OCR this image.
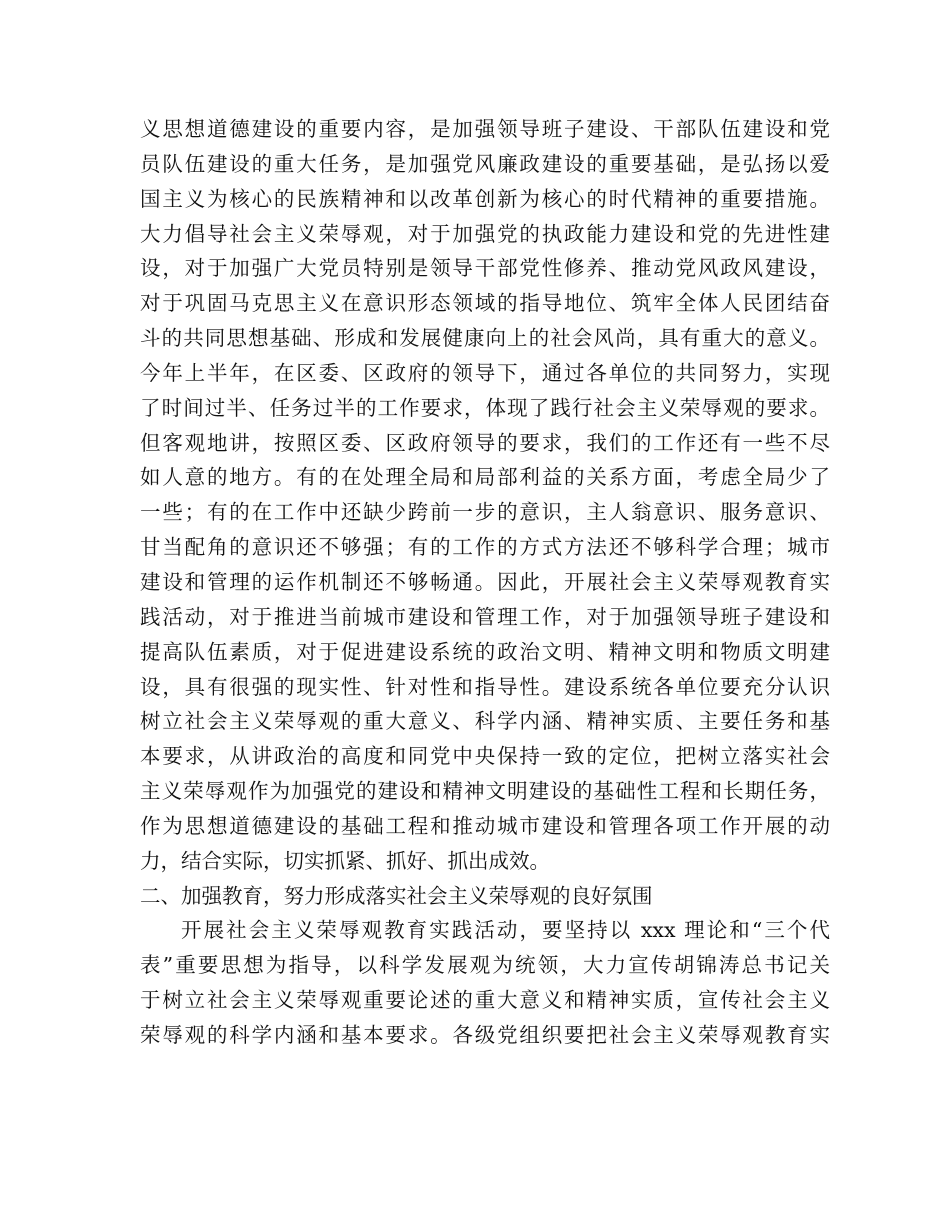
义思想道德建设的重要内容，是加强领导班子建设、干部队伍建设和党
员队伍建设的重大任务，是加强党风廉政建设的重要基础，是弘扬以爱
国主义为核心的民族精神和以改革创新为核心的时代精神的重要措施。
大力倡导社会主义荣辱观，对于加强党的执政能力建设和党的先进性建
设，对于加强广大党员特别是领导干部党性修养、推动党风政风建设，
对于巩固马克思主义在意识形态领域的指导地位、筑牢全体人民团结奋
斗的共同思想基础、形成和发展健康向上的社会风尚，具有重大的意义。
今年上半年，在区委、区政府的领导下，通过各单位的共同努力，实现
了时间过半、任务过半的工作要求，体现了践行社会主义荣辱观的要求。
但客观地讲，按照区委、区政府领导的要求，我们的工作还有一些不尽
如人意的地方。有的在处理全局和局部利益的关系方面，考虑全局少了
一些；有的在工作中还缺少跨前一步的意识，主人翁意识、服务意识、
甘当配角的意识还不够强；有的工作的方式方法还不够科学合理；城市
建设和管理的运作机制还不够畅通。因此，开展社会主义荣辱观教育实
践活动，对于推进当前城市建设和管理工作，对于加强领导班子建设和
提高队伍素质，对于促进建设系统的政治文明、精神文明和物质文明建
设，具有很强的现实性、针对性和指导性。建设系统各单位要充分认识
树立社会主义荣辱观的重大意义、科学内涵、精神实质、主要任务和基
本要求，从讲政治的高度和同党中央保持一致的定位，把树立落实社会
主义荣辱观作为加强党的建设和精神文明建设的基础性工程和长期任务，
作为思想道德建设的基础工程和推动城市建设和管理各项工作开展的动
力，结合实际，切实抓紧、抓好、抓出成效。
二、加强教育，努力形成落实社会主义荣辱观的良好氛围
开展社会主义荣辱观教育实践活动，要坚持以 xxx 理论和“三个代
表”重要思想为指导，以科学发展观为统领，大力宣传胡锦涛总书记关
于树立社会主义荣辱观重要论述的重大意义和精神实质，宣传社会主义
荣辱观的科学内涵和基本要求。各级党组织要把社会主义荣辱观教育实
